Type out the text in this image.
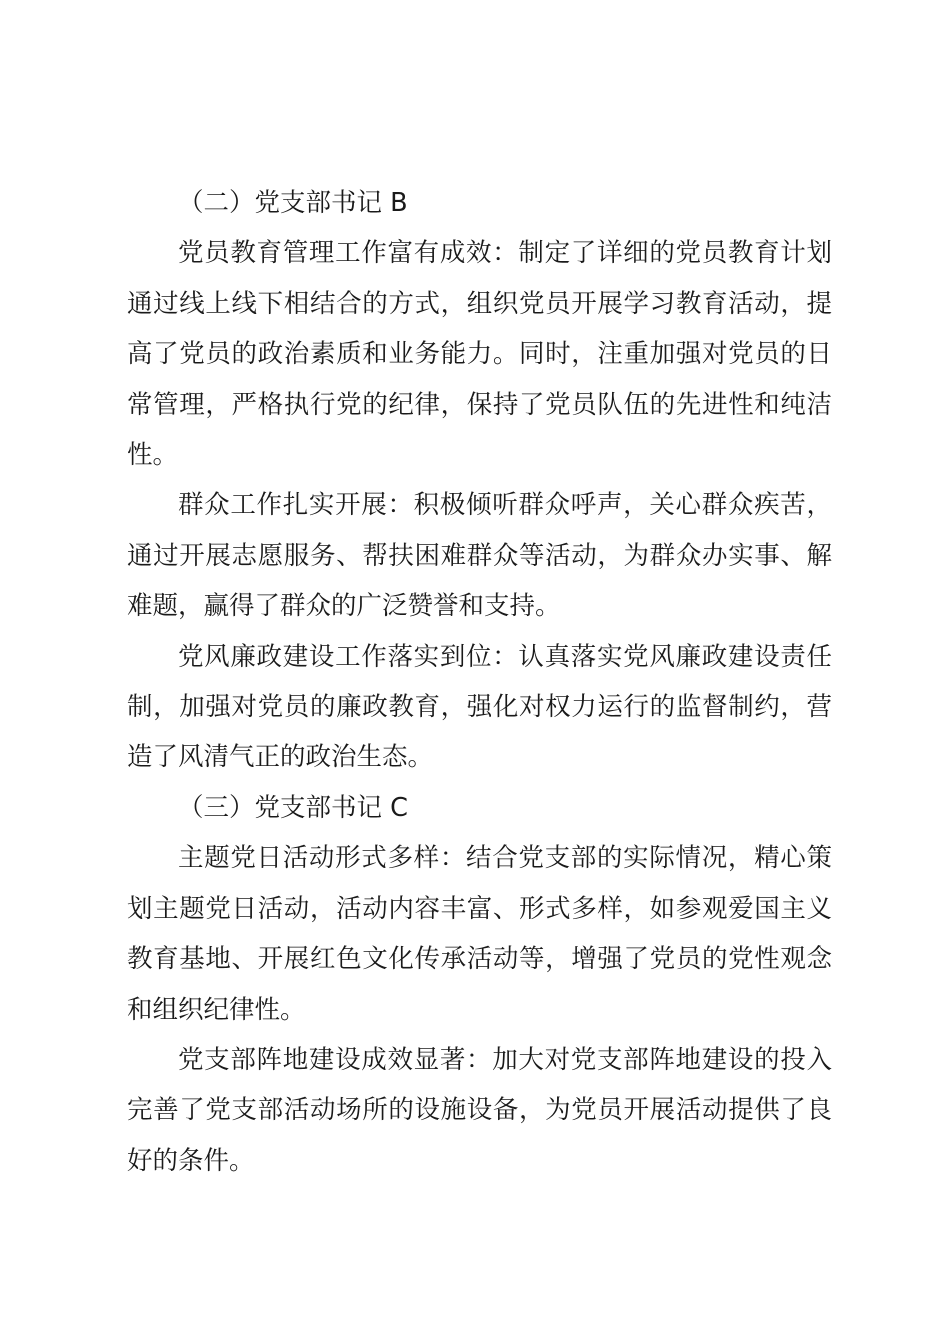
（二）党支部书记 B

党员教育管理工作富有成效：制定了详细的党员教育计划通过线上线下相结合的方式，组织党员开展学习教育活动，提高了党员的政治素质和业务能力。同时，注重加强对党员的日常管理，严格执行党的纪律，保持了党员队伍的先进性和纯洁性。

群众工作扎实开展：积极倾听群众呼声，关心群众疾苦，通过开展志愿服务、帮扶困难群众等活动，为群众办实事、解难题，赢得了群众的广泛赞誉和支持。

党风廉政建设工作落实到位：认真落实党风廉政建设责任制，加强对党员的廉政教育，强化对权力运行的监督制约，营造了风清气正的政治生态。

（三）党支部书记 C

主题党日活动形式多样：结合党支部的实际情况，精心策划主题党日活动，活动内容丰富、形式多样，如参观爱国主义教育基地、开展红色文化传承活动等，增强了党员的党性观念和组织纪律性。

党支部阵地建设成效显著：加大对党支部阵地建设的投入完善了党支部活动场所的设施设备，为党员开展活动提供了良好的条件。
